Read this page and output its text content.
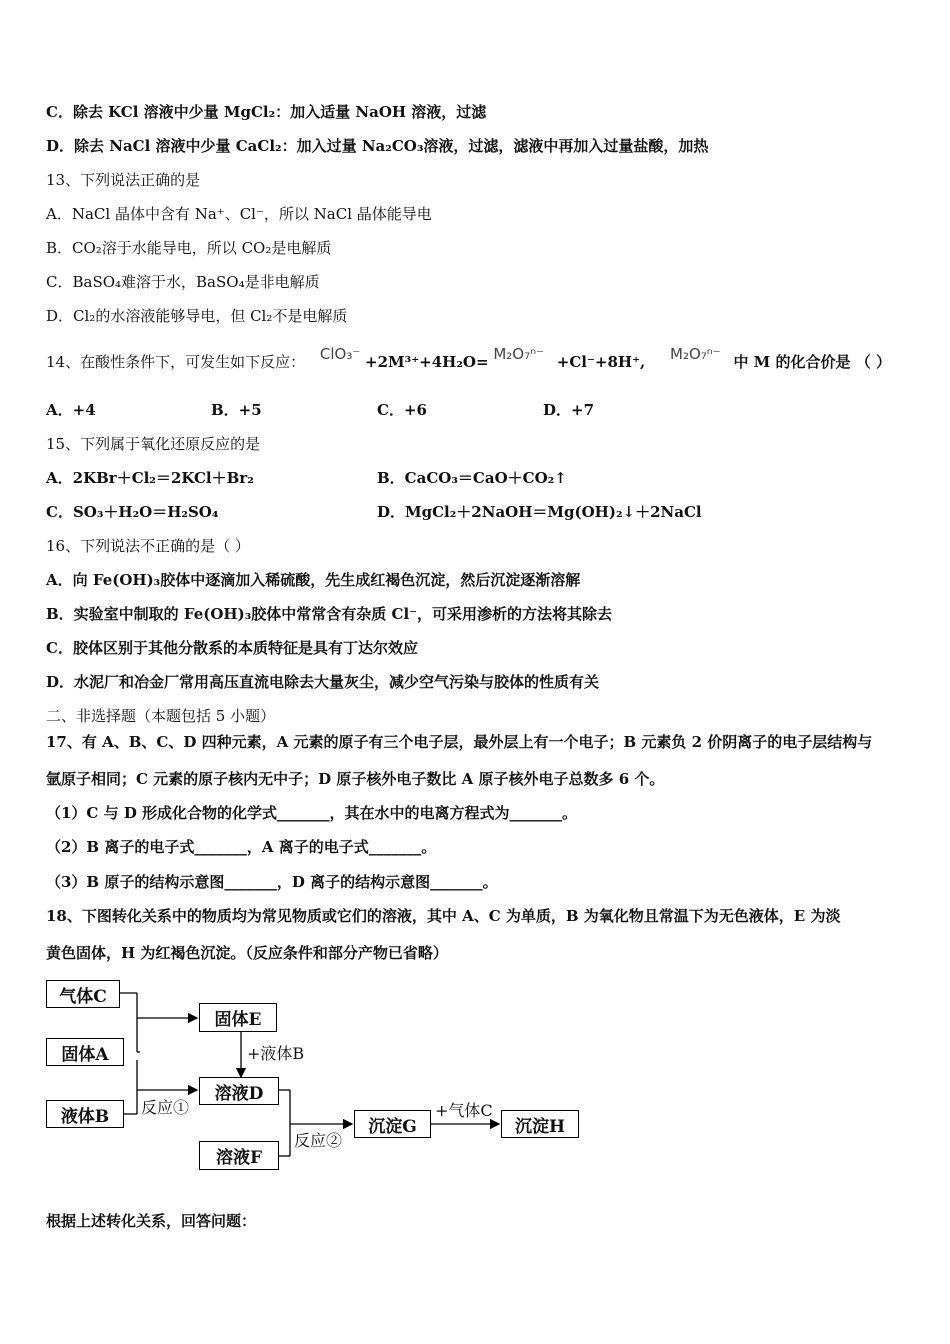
C．除去 KCl 溶液中少量 MgCl₂：加入适量 NaOH 溶液，过滤
D．除去 NaCl 溶液中少量 CaCl₂：加入过量 Na₂CO₃溶液，过滤，滤液中再加入过量盐酸，加热
13、下列说法正确的是
A．NaCl 晶体中含有 Na⁺、Cl⁻，所以 NaCl 晶体能导电
B．CO₂溶于水能导电，所以 CO₂是电解质
C．BaSO₄难溶于水，BaSO₄是非电解质
D．Cl₂的水溶液能够导电，但 Cl₂不是电解质
14、在酸性条件下，可发生如下反应： ClO₃⁻ +2M³⁺+4H₂O= M₂O₇ⁿ⁻ +Cl⁻+8H⁺, M₂O₇ⁿ⁻ 中 M 的化合价是 （ ）
A．+4	B．+5	C．+6	D．+7
15、下列属于氧化还原反应的是
A．2KBr＋Cl₂＝2KCl＋Br₂	B．CaCO₃＝CaO＋CO₂↑
C．SO₃＋H₂O＝H₂SO₄	D．MgCl₂＋2NaOH＝Mg(OH)₂↓＋2NaCl
16、下列说法不正确的是（ ）
A．向 Fe(OH)₃胶体中逐滴加入稀硫酸，先生成红褐色沉淀，然后沉淀逐渐溶解
B．实验室中制取的 Fe(OH)₃胶体中常常含有杂质 Cl⁻，可采用渗析的方法将其除去
C．胶体区别于其他分散系的本质特征是具有丁达尔效应
D．水泥厂和冶金厂常用高压直流电除去大量灰尘，减少空气污染与胶体的性质有关
二、非选择题（本题包括 5 小题）
17、有 A、B、C、D 四种元素，A 元素的原子有三个电子层，最外层上有一个电子；B 元素负 2 价阴离子的电子层结构与
氩原子相同；C 元素的原子核内无中子；D 原子核外电子数比 A 原子核外电子总数多 6 个。
（1）C 与 D 形成化合物的化学式_______，其在水中的电离方程式为_______。
（2）B 离子的电子式_______，A 离子的电子式_______。
（3）B 原子的结构示意图_______，D 离子的结构示意图_______。
18、下图转化关系中的物质均为常见物质或它们的溶液，其中 A、C 为单质，B 为氧化物且常温下为无色液体，E 为淡
黄色固体，H 为红褐色沉淀。（反应条件和部分产物已省略）
气体C
固体A
液体B
固体E
溶液D
溶液F
沉淀G	沉淀H
+液体B
反应①
反应②
+气体C
根据上述转化关系，回答问题：
